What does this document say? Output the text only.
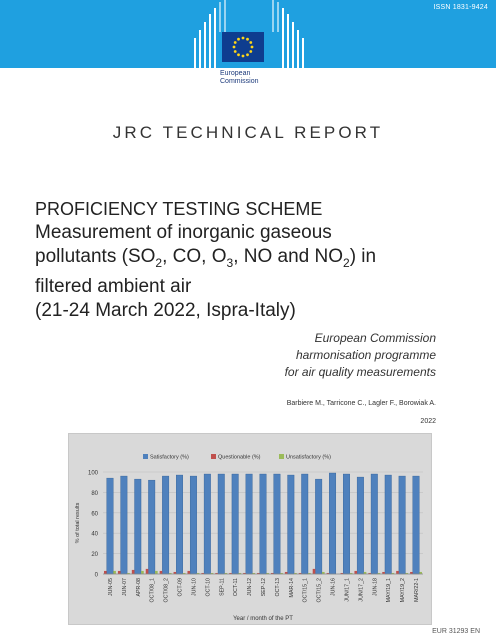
ISSN 1831-9424
European
Commission
JRC TECHNICAL REPORT
PROFICIENCY TESTING SCHEME
Measurement of inorganic gaseous
pollutants ($SO_2$, CO, $O_3$, NO and $NO_2$) in
filtered ambient air
(21-24 March 2022, Ispra-Italy)
European Commission
harmonisation programme
for air quality measurements
Barbiere M., Tarricone C., Lagler F., Borowiak A.
2022
0
20
40
60
80
100
% of total results
Satisfactory (%)	Questionable (%)	Unsatisfactory (%)
JUN-05 JUN-07 APR-08 OCT/08_1 OCT/08_2 OCT-09 JUN-10 OCT-10 SEP-11 OCT-11 JUN-12 SEP-12 OCT-13 MAR-14 OCT/15_1 OCT/15_2 JUN-16 JUN/17_1 JUN/17_2 JUN-18 MAY/19_1 MAY/19_2 MAR/22-1
Year / month of the PT
EUR 31293 EN
